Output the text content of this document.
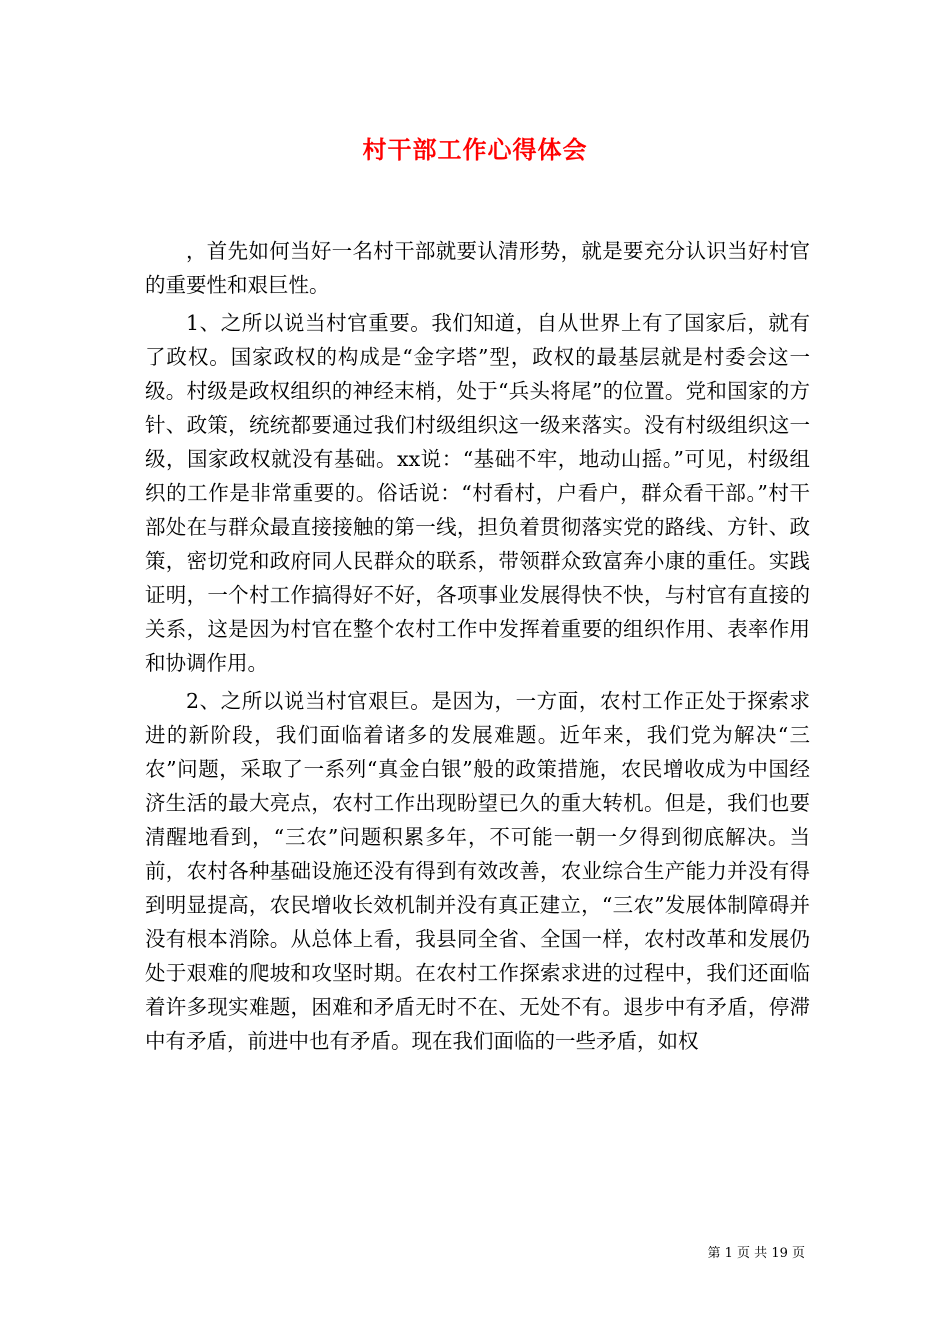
村干部工作心得体会

，首先如何当好一名村干部就要认清形势，就是要充分认识当好村官的重要性和艰巨性。

1、之所以说当村官重要。我们知道，自从世界上有了国家后，就有了政权。国家政权的构成是“金字塔”型，政权的最基层就是村委会这一级。村级是政权组织的神经末梢，处于“兵头将尾”的位置。党和国家的方针、政策，统统都要通过我们村级组织这一级来落实。没有村级组织这一级，国家政权就没有基础。xx说：“基础不牢，地动山摇。”可见，村级组织的工作是非常重要的。俗话说：“村看村，户看户，群众看干部。”村干部处在与群众最直接接触的第一线，担负着贯彻落实党的路线、方针、政策，密切党和政府同人民群众的联系，带领群众致富奔小康的重任。实践证明，一个村工作搞得好不好，各项事业发展得快不快，与村官有直接的关系，这是因为村官在整个农村工作中发挥着重要的组织作用、表率作用和协调作用。

2、之所以说当村官艰巨。是因为，一方面，农村工作正处于探索求进的新阶段，我们面临着诸多的发展难题。近年来，我们党为解决“三农”问题，采取了一系列“真金白银”般的政策措施，农民增收成为中国经济生活的最大亮点，农村工作出现盼望已久的重大转机。但是，我们也要清醒地看到，“三农”问题积累多年，不可能一朝一夕得到彻底解决。当前，农村各种基础设施还没有得到有效改善，农业综合生产能力并没有得到明显提高，农民增收长效机制并没有真正建立，“三农”发展体制障碍并没有根本消除。从总体上看，我县同全省、全国一样，农村改革和发展仍处于艰难的爬坡和攻坚时期。在农村工作探索求进的过程中，我们还面临着许多现实难题，困难和矛盾无时不在、无处不有。退步中有矛盾，停滞中有矛盾，前进中也有矛盾。现在我们面临的一些矛盾，如权

第 1 页 共 19 页
